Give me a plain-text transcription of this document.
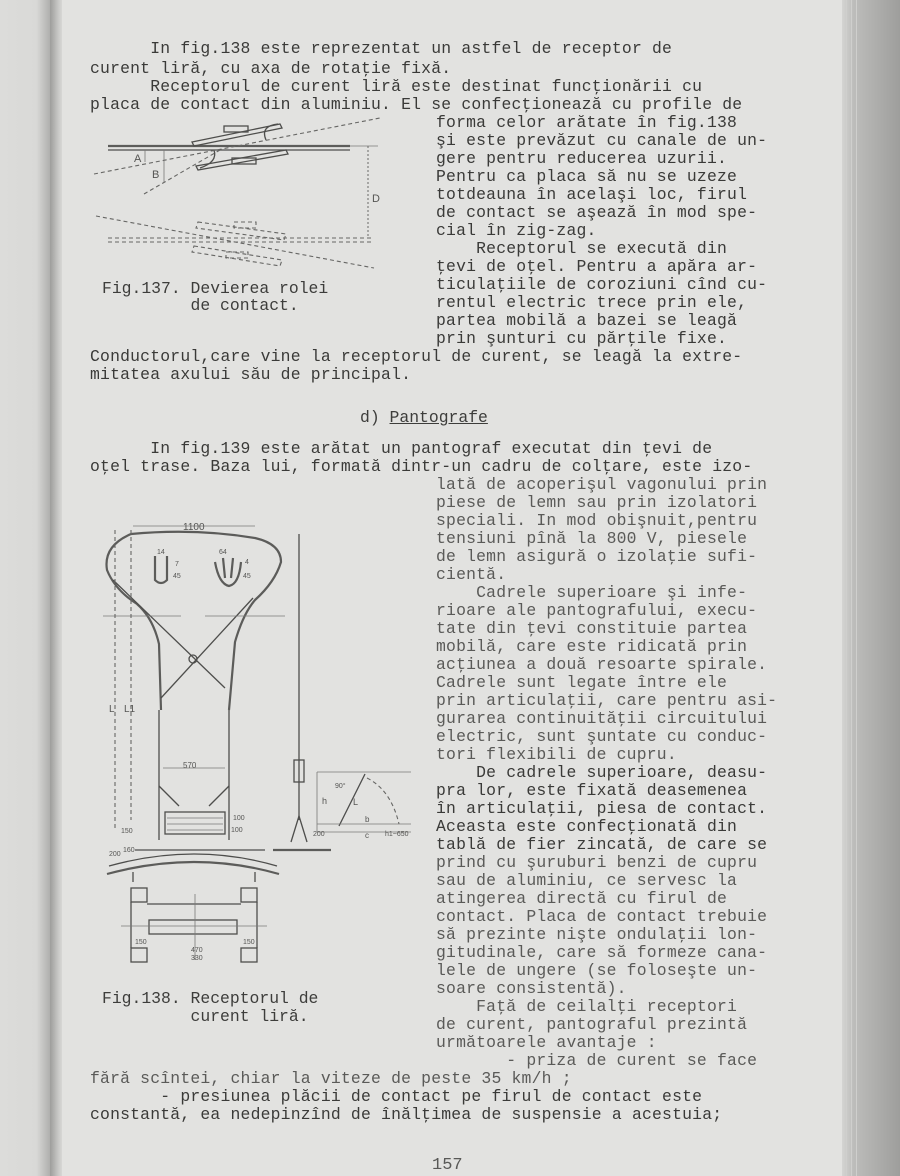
In fig.138 este reprezentat un astfel de receptor de
curent liră, cu axa de rotaţie fixă.
Receptorul de curent liră este destinat funcţionării cu
placa de contact din aluminiu. El se confecţionează cu profile de
forma celor arătate în fig.138
şi este prevăzut cu canale de un-
gere pentru reducerea uzurii.
Pentru ca placa să nu se uzeze
totdeauna în acelaşi loc, firul
de contact se aşează în mod spe-
cial în zig-zag.
Receptorul se execută din
ţevi de oţel. Pentru a apăra ar-
ticulaţiile de coroziuni cînd cu-
rentul electric trece prin ele,
partea mobilă a bazei se leagă
prin şunturi cu părţile fixe.
A
B
D
Fig.137. Devierea rolei
de contact.
Conductorul,care vine la receptorul de curent, se leagă la extre-
mitatea axului său de principal.
d) Pantografe
In fig.139 este arătat un pantograf executat din ţevi de
oţel trase. Baza lui, formată dintr-un cadru de colţare, este izo-
lată de acoperişul vagonului prin
piese de lemn sau prin izolatori
speciali. In mod obişnuit,pentru
tensiuni pînă la 800 V, piesele
de lemn asigură o izolaţie sufi-
cientă.
Cadrele superioare şi infe-
rioare ale pantografului, execu-
tate din ţevi constituie partea
mobilă, care este ridicată prin
acţiunea a două resoarte spirale.
Cadrele sunt legate între ele
prin articulaţii, care pentru asi-
gurarea continuităţii circuitului
electric, sunt şuntate cu conduc-
tori flexibili de cupru.
De cadrele superioare, deasu-
pra lor, este fixată deasemenea
în articulaţii, piesa de contact.
Aceasta este confecţionată din
tablă de fier zincată, de care se
prind cu şuruburi benzi de cupru
sau de aluminiu, ce servesc la
atingerea directă cu firul de
contact. Placa de contact trebuie
să prezinte nişte ondulaţii lon-
gitudinale, care să formeze cana-
lele de ungere (se foloseşte un-
soare consistentă).
Faţă de ceilalţi receptori
de curent, pantograful prezintă
următoarele avantaje :
- priza de curent se face
1100
14
7
45
64
4
45
L L1
570
100
100
150
160
200
h
90°
L
b
c
200	h1~650
470
330
150	150
Fig.138. Receptorul de
curent liră.
fără scîntei, chiar la viteze de peste 35 km/h ;
- presiunea plăcii de contact pe firul de contact este
constantă, ea nedepinzînd de înălţimea de suspensie a acestuia;
157
